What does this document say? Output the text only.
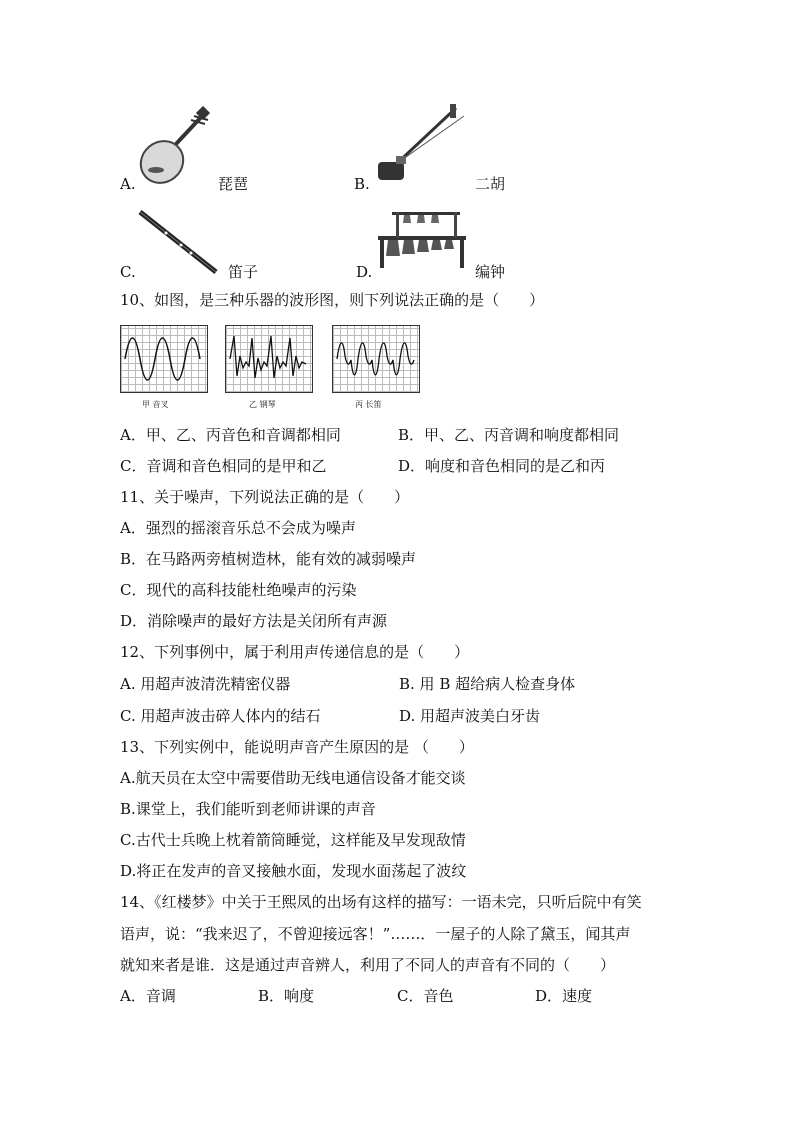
A.	琵琶	B.	二胡
C.	笛子	D.	编钟
10、如图，是三种乐器的波形图，则下列说法正确的是（　　）
甲 音叉	乙 钢琴	丙 长笛
A．甲、乙、丙音色和音调都相同	B．甲、乙、丙音调和响度都相同
C．音调和音色相同的是甲和乙	D．响度和音色相同的是乙和丙
11、关于噪声，下列说法正确的是（　　）
A．强烈的摇滚音乐总不会成为噪声
B．在马路两旁植树造林，能有效的减弱噪声
C．现代的高科技能杜绝噪声的污染
D．消除噪声的最好方法是关闭所有声源
12、下列事例中，属于利用声传递信息的是（　　）
A. 用超声波清洗精密仪器	B. 用 B 超给病人检查身体
C. 用超声波击碎人体内的结石	D. 用超声波美白牙齿
13、下列实例中，能说明声音产生原因的是 （　　）
A.航天员在太空中需要借助无线电通信设备才能交谈
B.课堂上，我们能听到老师讲课的声音
C.古代士兵晚上枕着箭筒睡觉，这样能及早发现敌情
D.将正在发声的音叉接触水面，发现水面荡起了波纹
14、《红楼梦》中关于王熙凤的出场有这样的描写：一语未完，只听后院中有笑
语声，说：“我来迟了，不曾迎接远客！”……．一屋子的人除了黛玉，闻其声
就知来者是谁．这是通过声音辨人，利用了不同人的声音有不同的（　　）
A．音调	B．响度	C．音色	D．速度
